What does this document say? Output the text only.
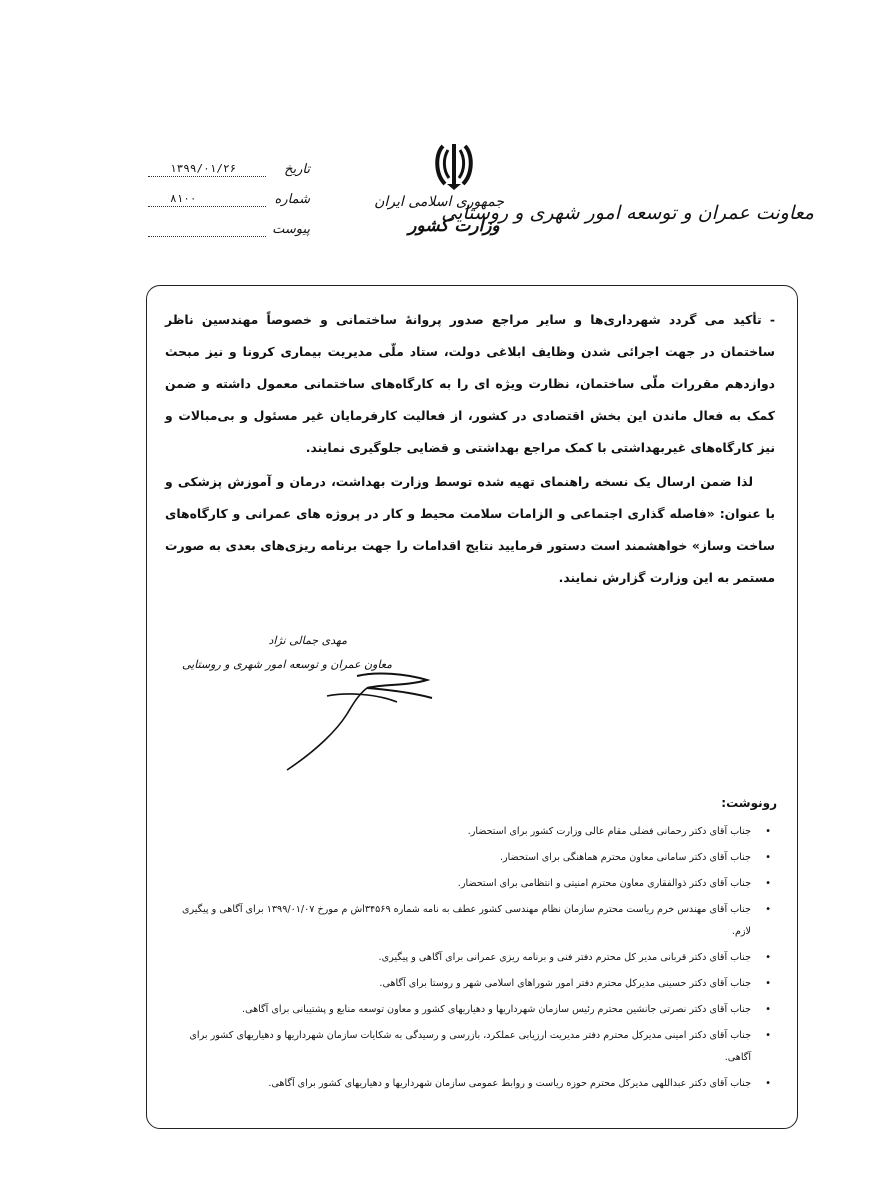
معاونت عمران و توسعه امور شهری و روستایی
جمهوری اسلامی ایران
وزارت کشور
تاریخ
۱۳۹۹/۰۱/۲۶
شماره
۸۱۰۰
پیوست
- تأکید می گردد شهرداری‌ها و سایر مراجع صدور پروانهٔ ساختمانی و خصوصاً مهندسین ناظر ساختمان در جهت اجرائی شدن وظایف ابلاغی دولت، ستاد ملّی مدیریت بیماری کرونا و نیز مبحث دوازدهم مقررات ملّی ساختمان، نظارت ویژه ای را به کارگاه‌های ساختمانی معمول داشته و ضمن کمک به فعال ماندن این بخش اقتصادی در کشور، از فعالیت کارفرمایان غیر مسئول و بی‌مبالات و نیز کارگاه‌های غیربهداشتی با کمک مراجع بهداشتی و قضایی جلوگیری نمایند.
لذا ضمن ارسال یک نسخه راهنمای تهیه شده توسط وزارت بهداشت، درمان و آموزش پزشکی و با عنوان: «فاصله گذاری اجتماعی و الزامات سلامت محیط و کار در پروژه های عمرانی و کارگاه‌های ساخت وساز» خواهشمند است دستور فرمایید نتایج اقدامات را جهت برنامه ریزی‌های بعدی به صورت مستمر به این وزارت گزارش نمایند.
مهدی جمالی نژاد
معاون عمران و توسعه امور شهری و روستایی
رونوشت:
•
جناب آقای دکتر رحمانی فضلی مقام عالی وزارت کشور برای استحضار.
•
جناب آقای دکتر سامانی معاون محترم هماهنگی برای استحضار.
•
جناب آقای دکتر ذوالفقاری معاون محترم امنیتی و انتظامی برای استحضار.
•
جناب آقای مهندس خرم ریاست محترم سازمان نظام مهندسی کشور عطف به نامه شماره ۳۴۵۶۹اش م مورخ ۱۳۹۹/۰۱/۰۷ برای آگاهی و پیگیری لازم.
•
جناب آقای دکتر قربانی مدیر کل محترم دفتر فنی و برنامه ریزی عمرانی برای آگاهی و پیگیری.
•
جناب آقای دکتر حسینی مدیرکل محترم دفتر امور شوراهای اسلامی شهر و روستا برای آگاهی.
•
جناب آقای دکتر نصرتی جانشین محترم رئیس سازمان شهرداریها و دهیاریهای کشور و معاون توسعه منابع و پشتیبانی برای آگاهی.
•
جناب آقای دکتر امینی مدیرکل محترم دفتر مدیریت ارزیابی عملکرد، بازرسی و رسیدگی به شکایات سازمان شهرداریها و دهیاریهای کشور برای آگاهی.
•
جناب آقای دکتر عبداللهی مدیرکل محترم حوزه ریاست و روابط عمومی سازمان شهرداریها و دهیاریهای کشور برای آگاهی.
